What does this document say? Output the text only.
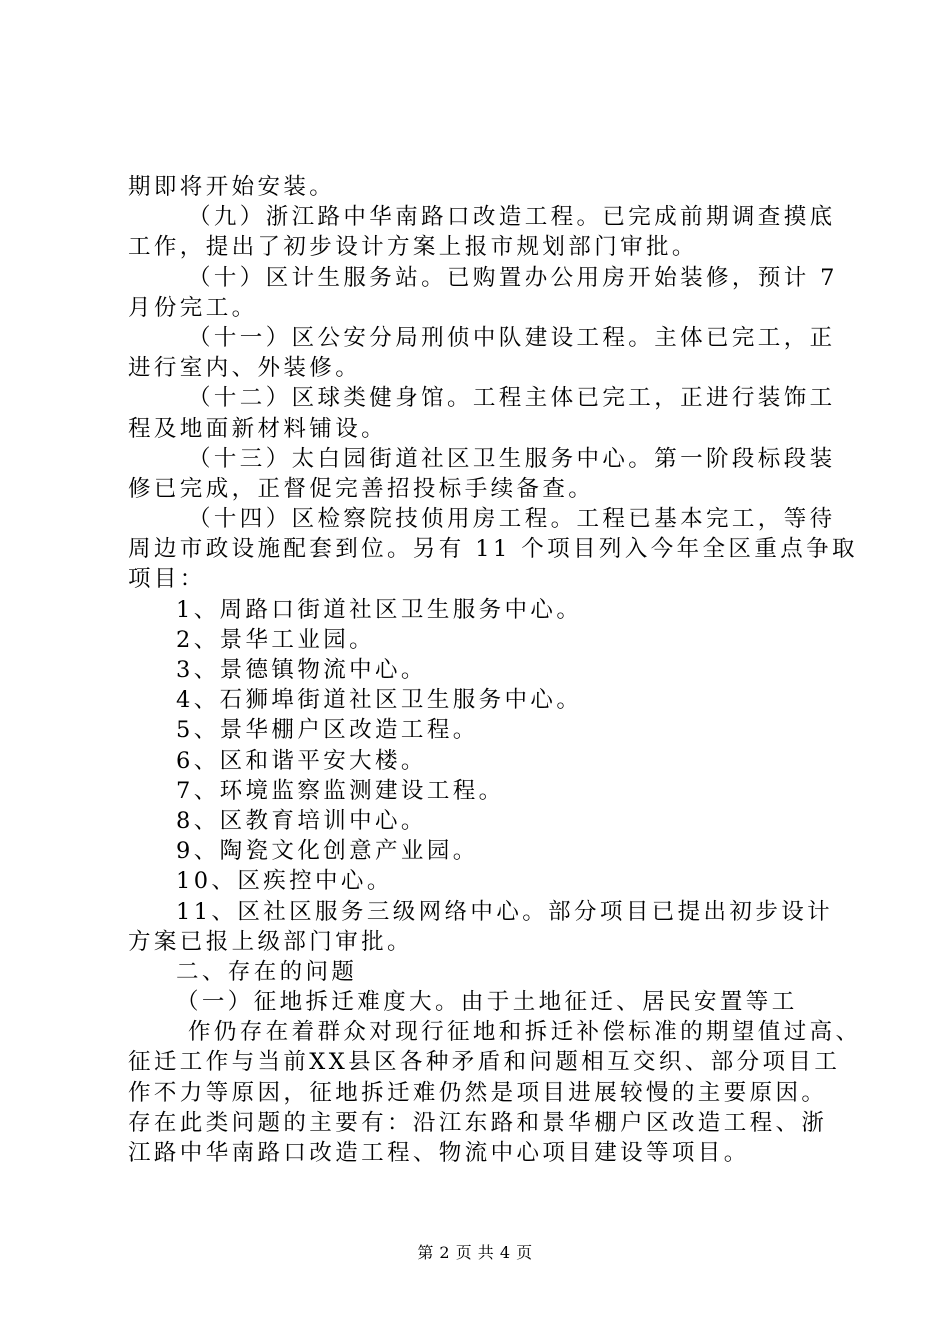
期即将开始安装。
（九）浙江路中华南路口改造工程。已完成前期调查摸底
工作，提出了初步设计方案上报市规划部门审批。
（十）区计生服务站。已购置办公用房开始装修，预计 7
月份完工。
（十一）区公安分局刑侦中队建设工程。主体已完工，正
进行室内、外装修。
（十二）区球类健身馆。工程主体已完工，正进行装饰工
程及地面新材料铺设。
（十三）太白园街道社区卫生服务中心。第一阶段标段装
修已完成，正督促完善招投标手续备查。
（十四）区检察院技侦用房工程。工程已基本完工，等待
周边市政设施配套到位。另有 11 个项目列入今年全区重点争取
项目：
1、周路口街道社区卫生服务中心。
2、景华工业园。
3、景德镇物流中心。
4、石狮埠街道社区卫生服务中心。
5、景华棚户区改造工程。
6、区和谐平安大楼。
7、环境监察监测建设工程。
8、区教育培训中心。
9、陶瓷文化创意产业园。
10、区疾控中心。
11、区社区服务三级网络中心。部分项目已提出初步设计
方案已报上级部门审批。
二、存在的问题
（一）征地拆迁难度大。由于土地征迁、居民安置等工
作仍存在着群众对现行征地和拆迁补偿标准的期望值过高、
征迁工作与当前XX县区各种矛盾和问题相互交织、部分项目工
作不力等原因，征地拆迁难仍然是项目进展较慢的主要原因。
存在此类问题的主要有：沿江东路和景华棚户区改造工程、浙
江路中华南路口改造工程、物流中心项目建设等项目。
第 2 页 共 4 页
